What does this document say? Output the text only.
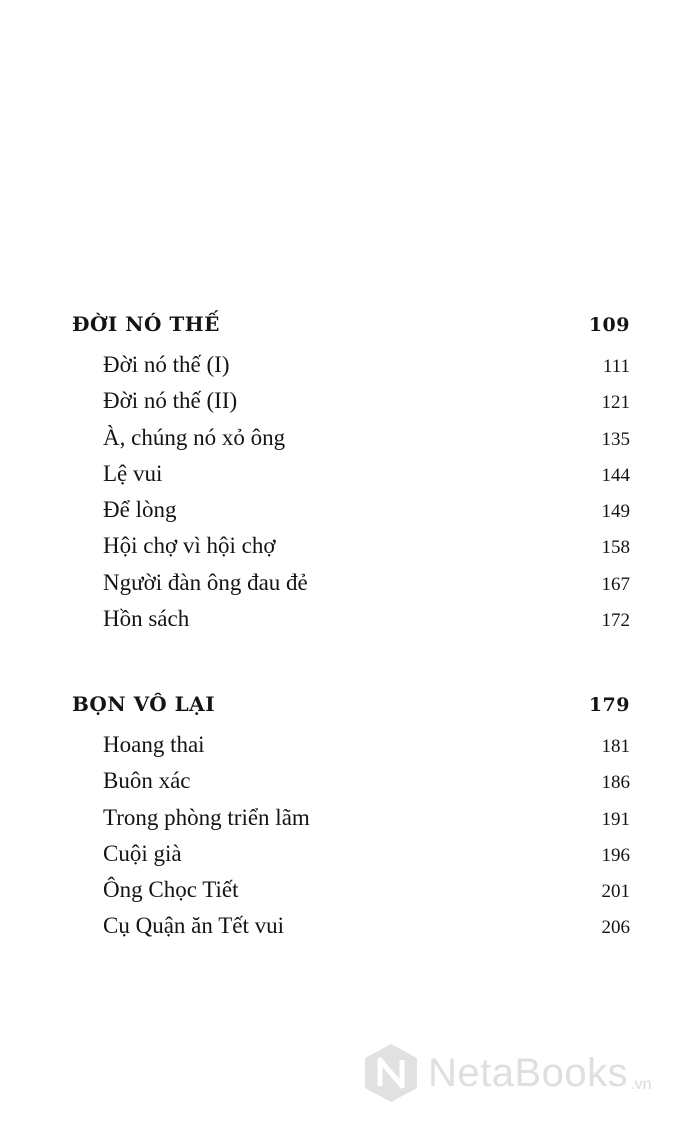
ĐỜI NÓ THẾ	109
Đời nó thế (I)	111
Đời nó thế (II)	121
À, chúng nó xỏ ông	135
Lệ vui	144
Để lòng	149
Hội chợ vì hội chợ	158
Người đàn ông đau đẻ	167
Hồn sách	172
BỌN VÔ LẠI	179
Hoang thai	181
Buôn xác	186
Trong phòng triển lãm	191
Cuội già	196
Ông Chọc Tiết	201
Cụ Quận ăn Tết vui	206
NetaBooks .vn
